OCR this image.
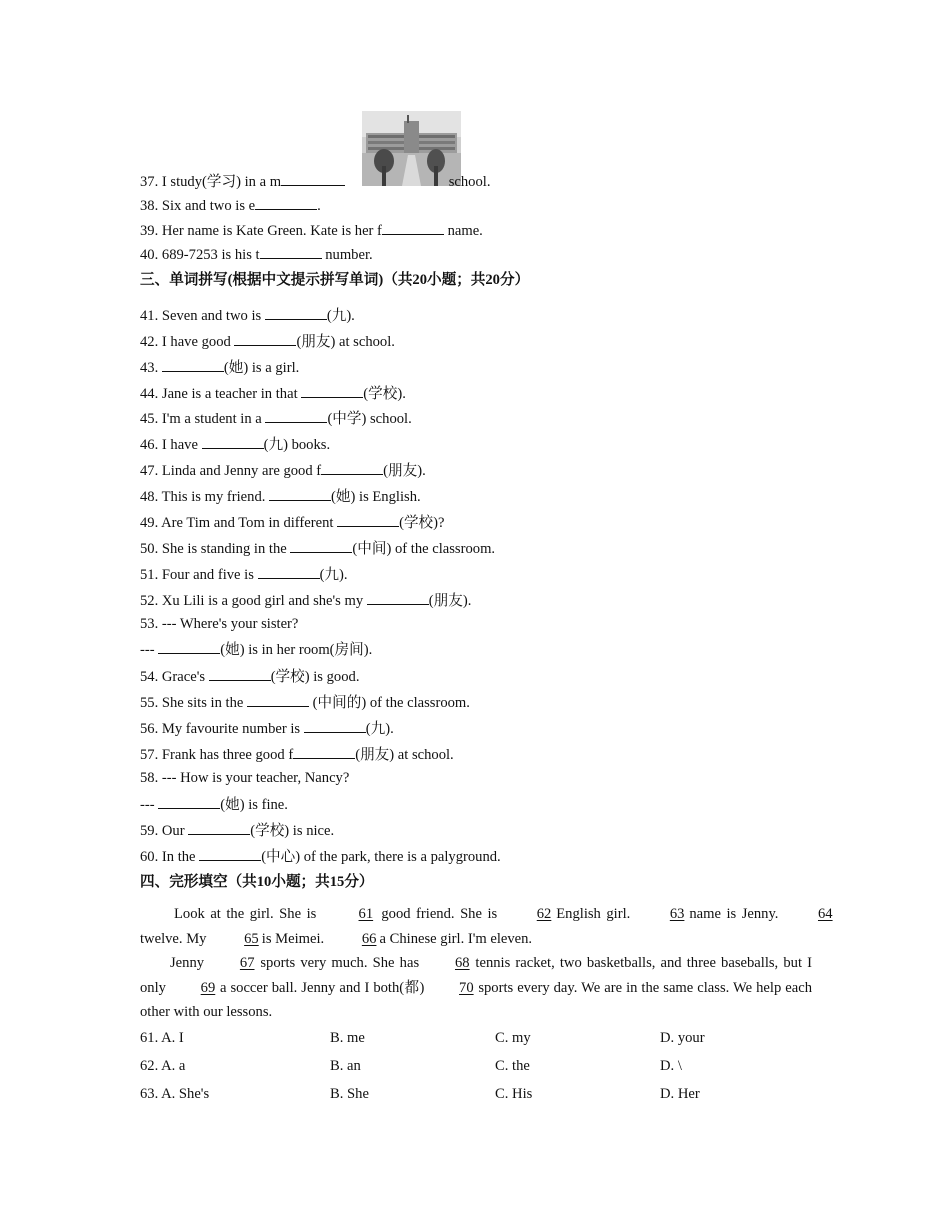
37. I study(学习) in a m	school.
38. Six and two is e	.
39. Her name is Kate Green. Kate is her f	name.
40. 689-7253 is his t	number.
三、单词拼写(根据中文提示拼写单词)（共20小题；共20分）
41. Seven and two is	(九).
42. I have good	(朋友) at school.
43.	(她) is a girl.
44. Jane is a teacher in that	(学校).
45. I'm a student in a	(中学) school.
46. I have	(九) books.
47. Linda and Jenny are good f	(朋友).
48. This is my friend.	(她) is English.
49. Are Tim and Tom in different	(学校)?
50. She is standing in the	(中间) of the classroom.
51. Four and five is	(九).
52. Xu Lili is a good girl and she's my	(朋友).
53. --- Where's your sister?
---	(她) is in her room(房间).
54. Grace's	(学校) is good.
55. She sits in the	(中间的) of the classroom.
56. My favourite number is	(九).
57. Frank has three good f	(朋友) at school.
58. --- How is your teacher, Nancy?
---	(她) is fine.
59. Our	(学校) is nice.
60. In the	(中心) of the park, there is a palyground.
四、完形填空（共10小题；共15分）
Look at the girl. She is	61 good friend. She is 62 English girl. 63 name is Jenny. 64 twelve. My 65 is Meimei. 66 a Chinese girl. I'm eleven.
Jenny 67 sports very much. She has 68 tennis racket, two basketballs, and three baseballs, but I only 69 a soccer ball. Jenny and I both(都) 70 sports every day. We are in the same class. We help each other with our lessons.
61. A. I	B. me	C. my	D. your
62. A. a	B. an	C. the	D. \
63. A. She's	B. She	C. His	D. Her
